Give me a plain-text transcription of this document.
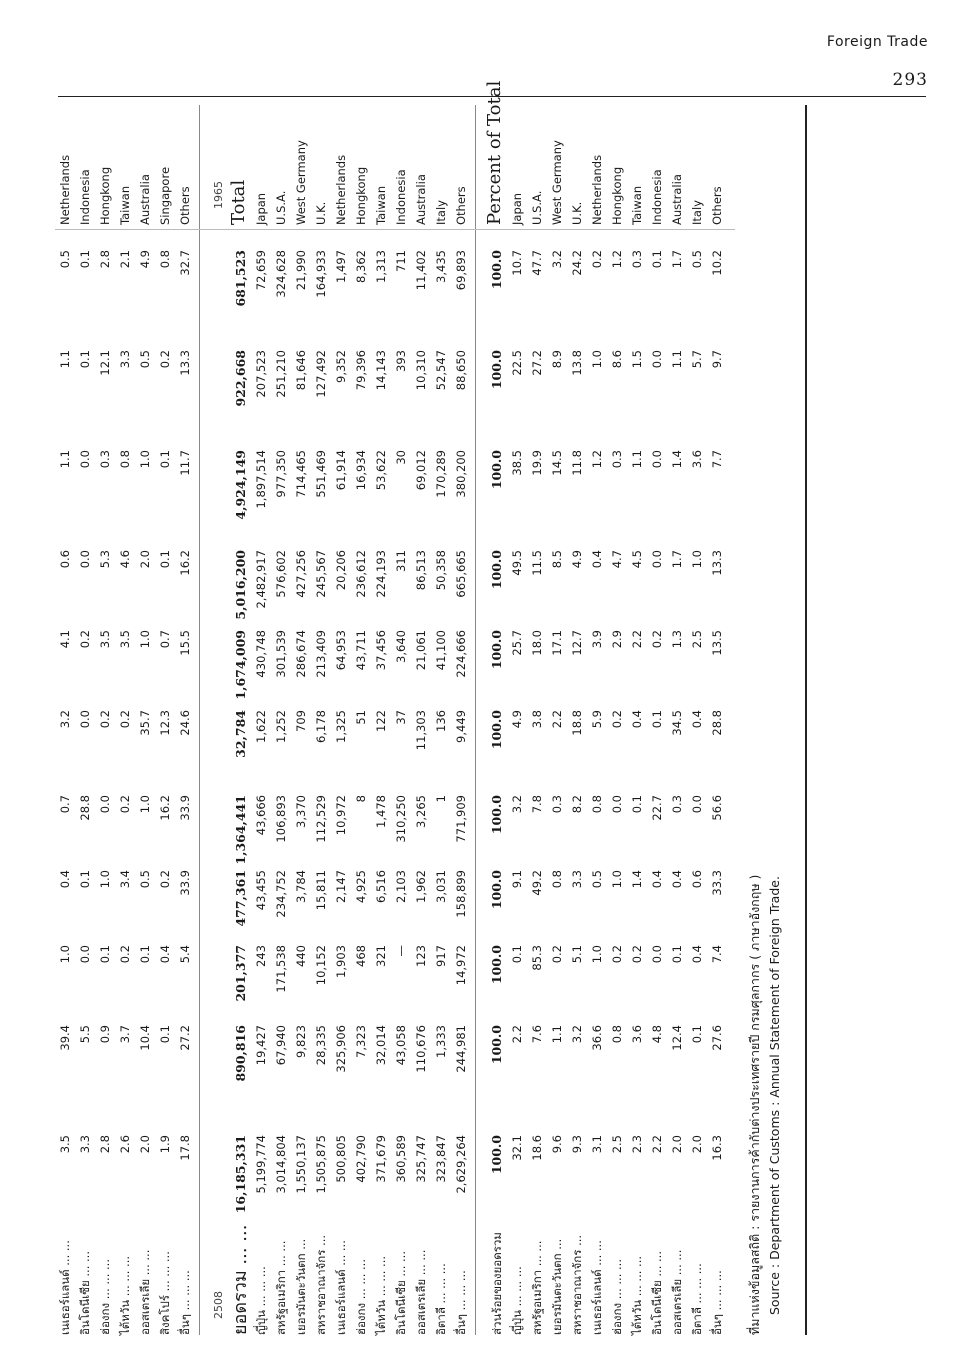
Foreign Trade
293
เนเธอร์แลนด์ ... ...
3.5
39.4
1.0
0.4
0.7
3.2
4.1
0.6
1.1
1.1
0.5
Netherlands
อินโดนีเซีย ... ...
3.3
5.5
0.0
0.1
28.8
0.0
0.2
0.0
0.0
0.1
0.1
Indonesia
ฮ่องกง ... ... ...
2.8
0.9
0.1
1.0
0.0
0.2
3.5
5.3
0.3
12.1
2.8
Hongkong
ไต้หวัน ... ... ...
2.6
3.7
0.2
3.4
0.2
0.2
3.5
4.6
0.8
3.3
2.1
Taiwan
ออสเตรเลีย ... ...
2.0
10.4
0.1
0.5
1.0
35.7
1.0
2.0
1.0
0.5
4.9
Australia
สิงคโปร์ ... ... ...
1.9
0.1
0.4
0.2
16.2
12.3
0.7
0.1
0.1
0.2
0.8
Singapore
อื่นๆ ... ... ...
17.8
27.2
5.4
33.9
33.9
24.6
15.5
16.2
11.7
13.3
32.7
Others
2508
1965
ยอดรวม ... ...
16,185,331
890,816
201,377
477,361
1,364,441
32,784
1,674,009
5,016,200
4,924,149
922,668
681,523
Total
ญี่ปุ่น ... ... ...
5,199,774
19,427
243
43,455
43,666
1,622
430,748
2,482,917
1,897,514
207,523
72,659
Japan
สหรัฐอเมริกา ... ...
3,014,804
67,940
171,538
234,752
106,893
1,252
301,539
576,602
977,350
251,210
324,628
U.S.A.
เยอรมันตะวันตก ...
1,550,137
9,823
440
3,784
3,370
709
286,674
427,256
714,465
81,646
21,990
West Germany
สหราชอาณาจักร ...
1,505,875
28,335
10,152
15,811
112,529
6,178
213,409
245,567
551,469
127,492
164,933
U.K.
เนเธอร์แลนด์ ... ...
500,805
325,906
1,903
2,147
10,972
1,325
64,953
20,206
61,914
9,352
1,497
Netherlands
ฮ่องกง ... ... ...
402,790
7,323
468
4,925
8
51
43,711
236,612
16,934
79,396
8,362
Hongkong
ไต้หวัน ... ... ...
371,679
32,014
321
6,516
1,478
122
37,456
224,193
53,622
14,143
1,313
Taiwan
อินโดนีเซีย ... ...
360,589
43,058
—
2,103
310,250
37
3,640
311
30
393
711
Indonesia
ออสเตรเลีย ... ...
325,747
110,676
123
1,962
3,265
11,303
21,061
86,513
69,012
10,310
11,402
Australia
อิตาลี ... ... ...
323,847
1,333
917
3,031
1
136
41,100
50,358
170,289
52,547
3,435
Italy
อื่นๆ ... ... ...
2,629,264
244,981
14,972
158,899
771,909
9,449
224,666
665,665
380,200
88,650
69,893
Others
ส่วนร้อยของยอดรวม
100.0
100.0
100.0
100.0
100.0
100.0
100.0
100.0
100.0
100.0
100.0
Percent of Total
ญี่ปุ่น ... ... ...
32.1
2.2
0.1
9.1
3.2
4.9
25.7
49.5
38.5
22.5
10.7
Japan
สหรัฐอเมริกา ... ...
18.6
7.6
85.3
49.2
7.8
3.8
18.0
11.5
19.9
27.2
47.7
U.S.A.
เยอรมันตะวันตก ...
9.6
1.1
0.2
0.8
0.3
2.2
17.1
8.5
14.5
8.9
3.2
West Germany
สหราชอาณาจักร ...
9.3
3.2
5.1
3.3
8.2
18.8
12.7
4.9
11.8
13.8
24.2
U.K.
เนเธอร์แลนด์ ... ...
3.1
36.6
1.0
0.5
0.8
5.9
3.9
0.4
1.2
1.0
0.2
Netherlands
ฮ่องกง ... ... ...
2.5
0.8
0.2
1.0
0.0
0.2
2.9
4.7
0.3
8.6
1.2
Hongkong
ไต้หวัน ... ... ...
2.3
3.6
0.2
1.4
0.1
0.4
2.2
4.5
1.1
1.5
0.3
Taiwan
อินโดนีเซีย ... ...
2.2
4.8
0.0
0.4
22.7
0.1
0.2
0.0
0.0
0.0
0.1
Indonesia
ออสเตรเลีย ... ...
2.0
12.4
0.1
0.4
0.3
34.5
1.3
1.7
1.4
1.1
1.7
Australia
อิตาลี ... ... ...
2.0
0.1
0.4
0.6
0.0
0.4
2.5
1.0
3.6
5.7
0.5
Italy
อื่นๆ ... ... ...
16.3
27.6
7.4
33.3
56.6
28.8
13.5
13.3
7.7
9.7
10.2
Others
ที่มาแห่งข้อมูลสถิติ : รายงานการค้ากับต่างประเทศรายปี กรมศุลกากร ( ภาษาอังกฤษ ) Source : Department of Customs : Annual Statement of Foreign Trade.
